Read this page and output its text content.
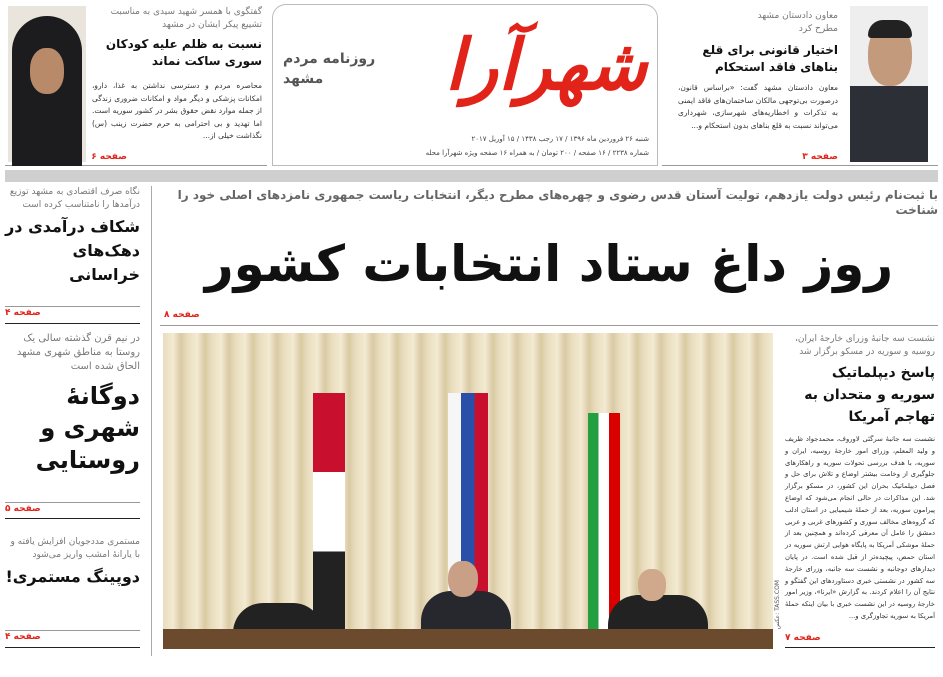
گفتگوی با همسر شهید سیدی به مناسبت تشییع پیکر ایشان در مشهد
نسبت به ظلم علیه کودکان سوری ساکت نماند
محاصره مردم و دسترسی نداشتن به غذا، دارو، امکانات پزشکی و دیگر مواد و امکانات ضروری زندگی از جمله موارد نقض حقوق بشر در کشور سوریه است. اما تهدید و بی احترامی به حرم حضرت زینب (س) نگذاشت خیلی از...
صفحه ۶
شهرآرا
روزنامه مردم مشهد
شنبه ۲۶ فروردین ماه ۱۳۹۶ / ۱۷ رجب ۱۴۳۸ / ۱۵ آوریل ۲۰۱۷
شماره ۲۲۳۸ / ۱۶ صفحه / ۲۰۰ تومان / به همراه ۱۶ صفحه ویژه شهرآرا محله
معاون دادستان مشهد مطرح کرد
اختیار قانونی برای قلع بناهای فاقد استحکام
معاون دادستان مشهد گفت: «براساس قانون، درصورت بی‌توجهی مالکان ساختمان‌های فاقد ایمنی به تذکرات و اخطاریه‌های شهرسازی، شهرداری می‌تواند نسبت به قلع بناهای بدون استحکام و...
صفحه ۳
نگاه صرف اقتصادی به مشهد توزیع درآمدها را نامتناسب کرده است
شکاف درآمدی در دهک‌های خراسانی
صفحه ۴
در نیم قرن گذشته سالی یک روستا به مناطق شهری مشهد الحاق شده است
دوگانهٔ شهری و روستایی
صفحه ۵
مستمری مددجویان افزایش یافته و با یارانهٔ امشب واریز می‌شود
دوپینگ مستمری!
صفحه ۴
با ثبت‌نام رئیس دولت یازدهم، تولیت آستان قدس رضوی و چهره‌های مطرح دیگر، انتخابات ریاست جمهوری نامزدهای اصلی خود را شناخت
روز داغ ستاد انتخابات کشور
صفحه ۸
عکس: TASS.COM
نشست سه جانبهٔ وزرای خارجهٔ ایران، روسیه و سوریه در مسکو برگزار شد
پاسخ دیپلماتیک سوریه و متحدان به تهاجم آمریکا
نشست سه جانبهٔ سرگئی لاوروف، محمدجواد ظریف و ولید المعلم، وزرای امور خارجهٔ روسیه، ایران و سوریه، با هدف بررسی تحولات سوریه و راهکارهای جلوگیری از وخامت بیشتر اوضاع و تلاش برای حل و فصل دیپلماتیک بحران این کشور، در مسکو برگزار شد. این مذاکرات در حالی انجام می‌شود که اوضاع پیرامون سوریه، بعد از حملهٔ شیمیایی در استان ادلب که گروه‌های مخالف سوری و کشورهای غربی و عربی دمشق را عامل آن معرفی کرده‌اند و همچنین بعد از حملهٔ موشکی آمریکا به پایگاه هوایی ارتش سوریه در استان حمص، پیچیده‌تر از قبل شده است. در پایان دیدارهای دوجانبه و نشست سه جانبه، وزرای خارجهٔ سه کشور در نشستی خبری دستاوردهای این گفتگو و نتایج آن را اعلام کردند. به گزارش «ایرنا»، وزیر امور خارجهٔ روسیه در این نشست خبری با بیان اینکه حملهٔ آمریکا به سوریه تجاوزگری و...
صفحه ۷
